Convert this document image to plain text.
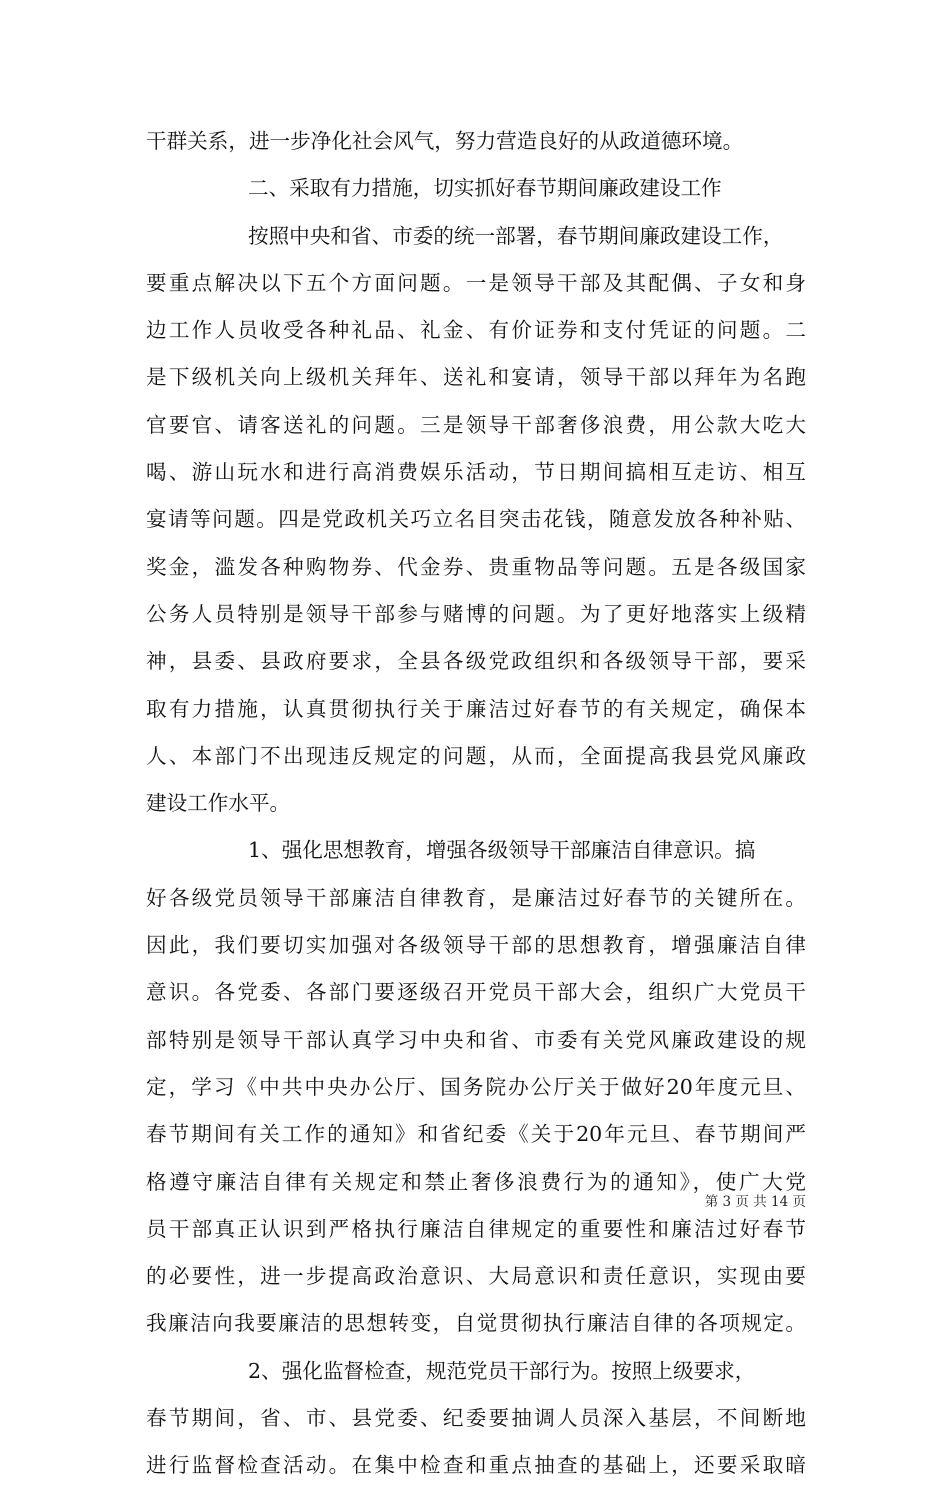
干群关系，进一步净化社会风气，努力营造良好的从政道德环境。
二、采取有力措施，切实抓好春节期间廉政建设工作
按照中央和省、市委的统一部署，春节期间廉政建设工作，
要重点解决以下五个方面问题。一是领导干部及其配偶、子女和身
边工作人员收受各种礼品、礼金、有价证券和支付凭证的问题。二
是下级机关向上级机关拜年、送礼和宴请，领导干部以拜年为名跑
官要官、请客送礼的问题。三是领导干部奢侈浪费，用公款大吃大
喝、游山玩水和进行高消费娱乐活动，节日期间搞相互走访、相互
宴请等问题。四是党政机关巧立名目突击花钱，随意发放各种补贴、
奖金，滥发各种购物券、代金券、贵重物品等问题。五是各级国家
公务人员特别是领导干部参与赌博的问题。为了更好地落实上级精
神，县委、县政府要求，全县各级党政组织和各级领导干部，要采
取有力措施，认真贯彻执行关于廉洁过好春节的有关规定，确保本
人、本部门不出现违反规定的问题，从而，全面提高我县党风廉政
建设工作水平。
1、强化思想教育，增强各级领导干部廉洁自律意识。搞
好各级党员领导干部廉洁自律教育，是廉洁过好春节的关键所在。
因此，我们要切实加强对各级领导干部的思想教育，增强廉洁自律
意识。各党委、各部门要逐级召开党员干部大会，组织广大党员干
部特别是领导干部认真学习中央和省、市委有关党风廉政建设的规
定，学习《中共中央办公厅、国务院办公厅关于做好20年度元旦、
春节期间有关工作的通知》和省纪委《关于20年元旦、春节期间严
格遵守廉洁自律有关规定和禁止奢侈浪费行为的通知》，使广大党
员干部真正认识到严格执行廉洁自律规定的重要性和廉洁过好春节
的必要性，进一步提高政治意识、大局意识和责任意识，实现由要
我廉洁向我要廉洁的思想转变，自觉贯彻执行廉洁自律的各项规定。
2、强化监督检查，规范党员干部行为。按照上级要求，
春节期间，省、市、县党委、纪委要抽调人员深入基层，不间断地
进行监督检查活动。在集中检查和重点抽查的基础上，还要采取暗
第 3 页 共 14 页
